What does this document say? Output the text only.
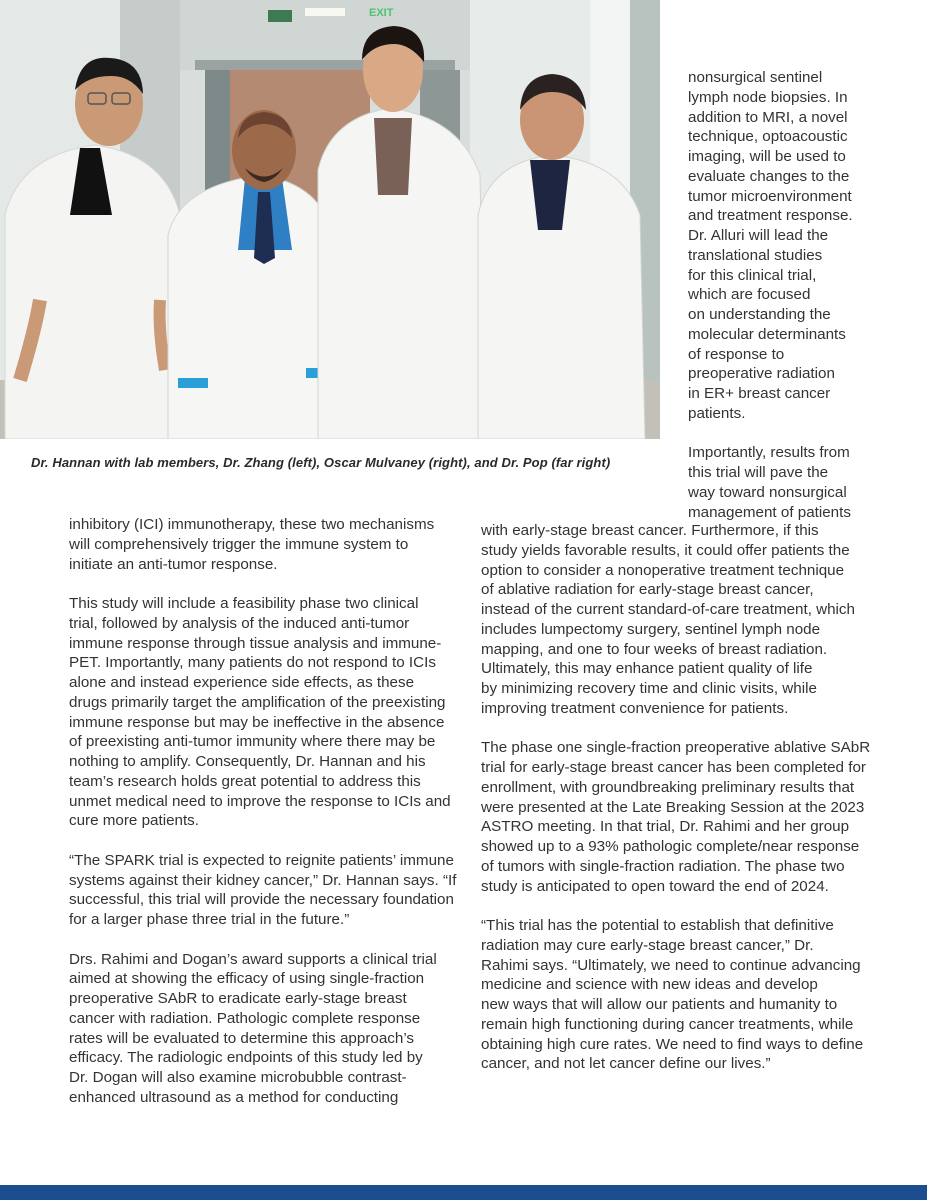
EXIT
Dr. Hannan with lab members, Dr. Zhang (left), Oscar Mulvaney (right), and Dr. Pop (far right)
nonsurgical sentinel
lymph node biopsies. In
addition to MRI, a novel
technique, optoacoustic
imaging, will be used to
evaluate changes to the
tumor microenvironment
and treatment response.
Dr. Alluri will lead the
translational studies
for this clinical trial,
which are focused
on understanding the
molecular determinants
of response to
preoperative radiation
in ER+ breast cancer
patients.
Importantly, results from
this trial will pave the
way toward nonsurgical
management of patients
inhibitory (ICI) immunotherapy, these two mechanisms
will comprehensively trigger the immune system to
initiate an anti-tumor response.
This study will include a feasibility phase two clinical
trial, followed by analysis of the induced anti-tumor
immune response through tissue analysis and immune-
PET. Importantly, many patients do not respond to ICIs
alone and instead experience side effects, as these
drugs primarily target the amplification of the preexisting
immune response but may be ineffective in the absence
of preexisting anti-tumor immunity where there may be
nothing to amplify. Consequently, Dr. Hannan and his
team’s research holds great potential to address this
unmet medical need to improve the response to ICIs and
cure more patients.
“The SPARK trial is expected to reignite patients’ immune
systems against their kidney cancer,” Dr. Hannan says. “If
successful, this trial will provide the necessary foundation
for a larger phase three trial in the future.”
Drs. Rahimi and Dogan’s award supports a clinical trial
aimed at showing the efficacy of using single-fraction
preoperative SAbR to eradicate early-stage breast
cancer with radiation. Pathologic complete response
rates will be evaluated to determine this approach’s
efficacy. The radiologic endpoints of this study led by
Dr. Dogan will also examine microbubble contrast-
enhanced ultrasound as a method for conducting
with early-stage breast cancer. Furthermore, if this
study yields favorable results, it could offer patients the
option to consider a nonoperative treatment technique
of ablative radiation for early-stage breast cancer,
instead of the current standard-of-care treatment, which
includes lumpectomy surgery, sentinel lymph node
mapping, and one to four weeks of breast radiation.
Ultimately, this may enhance patient quality of life
by minimizing recovery time and clinic visits, while
improving treatment convenience for patients.
The phase one single-fraction preoperative ablative SAbR
trial for early-stage breast cancer has been completed for
enrollment, with groundbreaking preliminary results that
were presented at the Late Breaking Session at the 2023
ASTRO meeting. In that trial, Dr. Rahimi and her group
showed up to a 93% pathologic complete/near response
of tumors with single-fraction radiation. The phase two
study is anticipated to open toward the end of 2024.
“This trial has the potential to establish that definitive
radiation may cure early-stage breast cancer,” Dr.
Rahimi says. “Ultimately, we need to continue advancing
medicine and science with new ideas and develop
new ways that will allow our patients and humanity to
remain high functioning during cancer treatments, while
obtaining high cure rates. We need to find ways to define
cancer, and not let cancer define our lives.”
